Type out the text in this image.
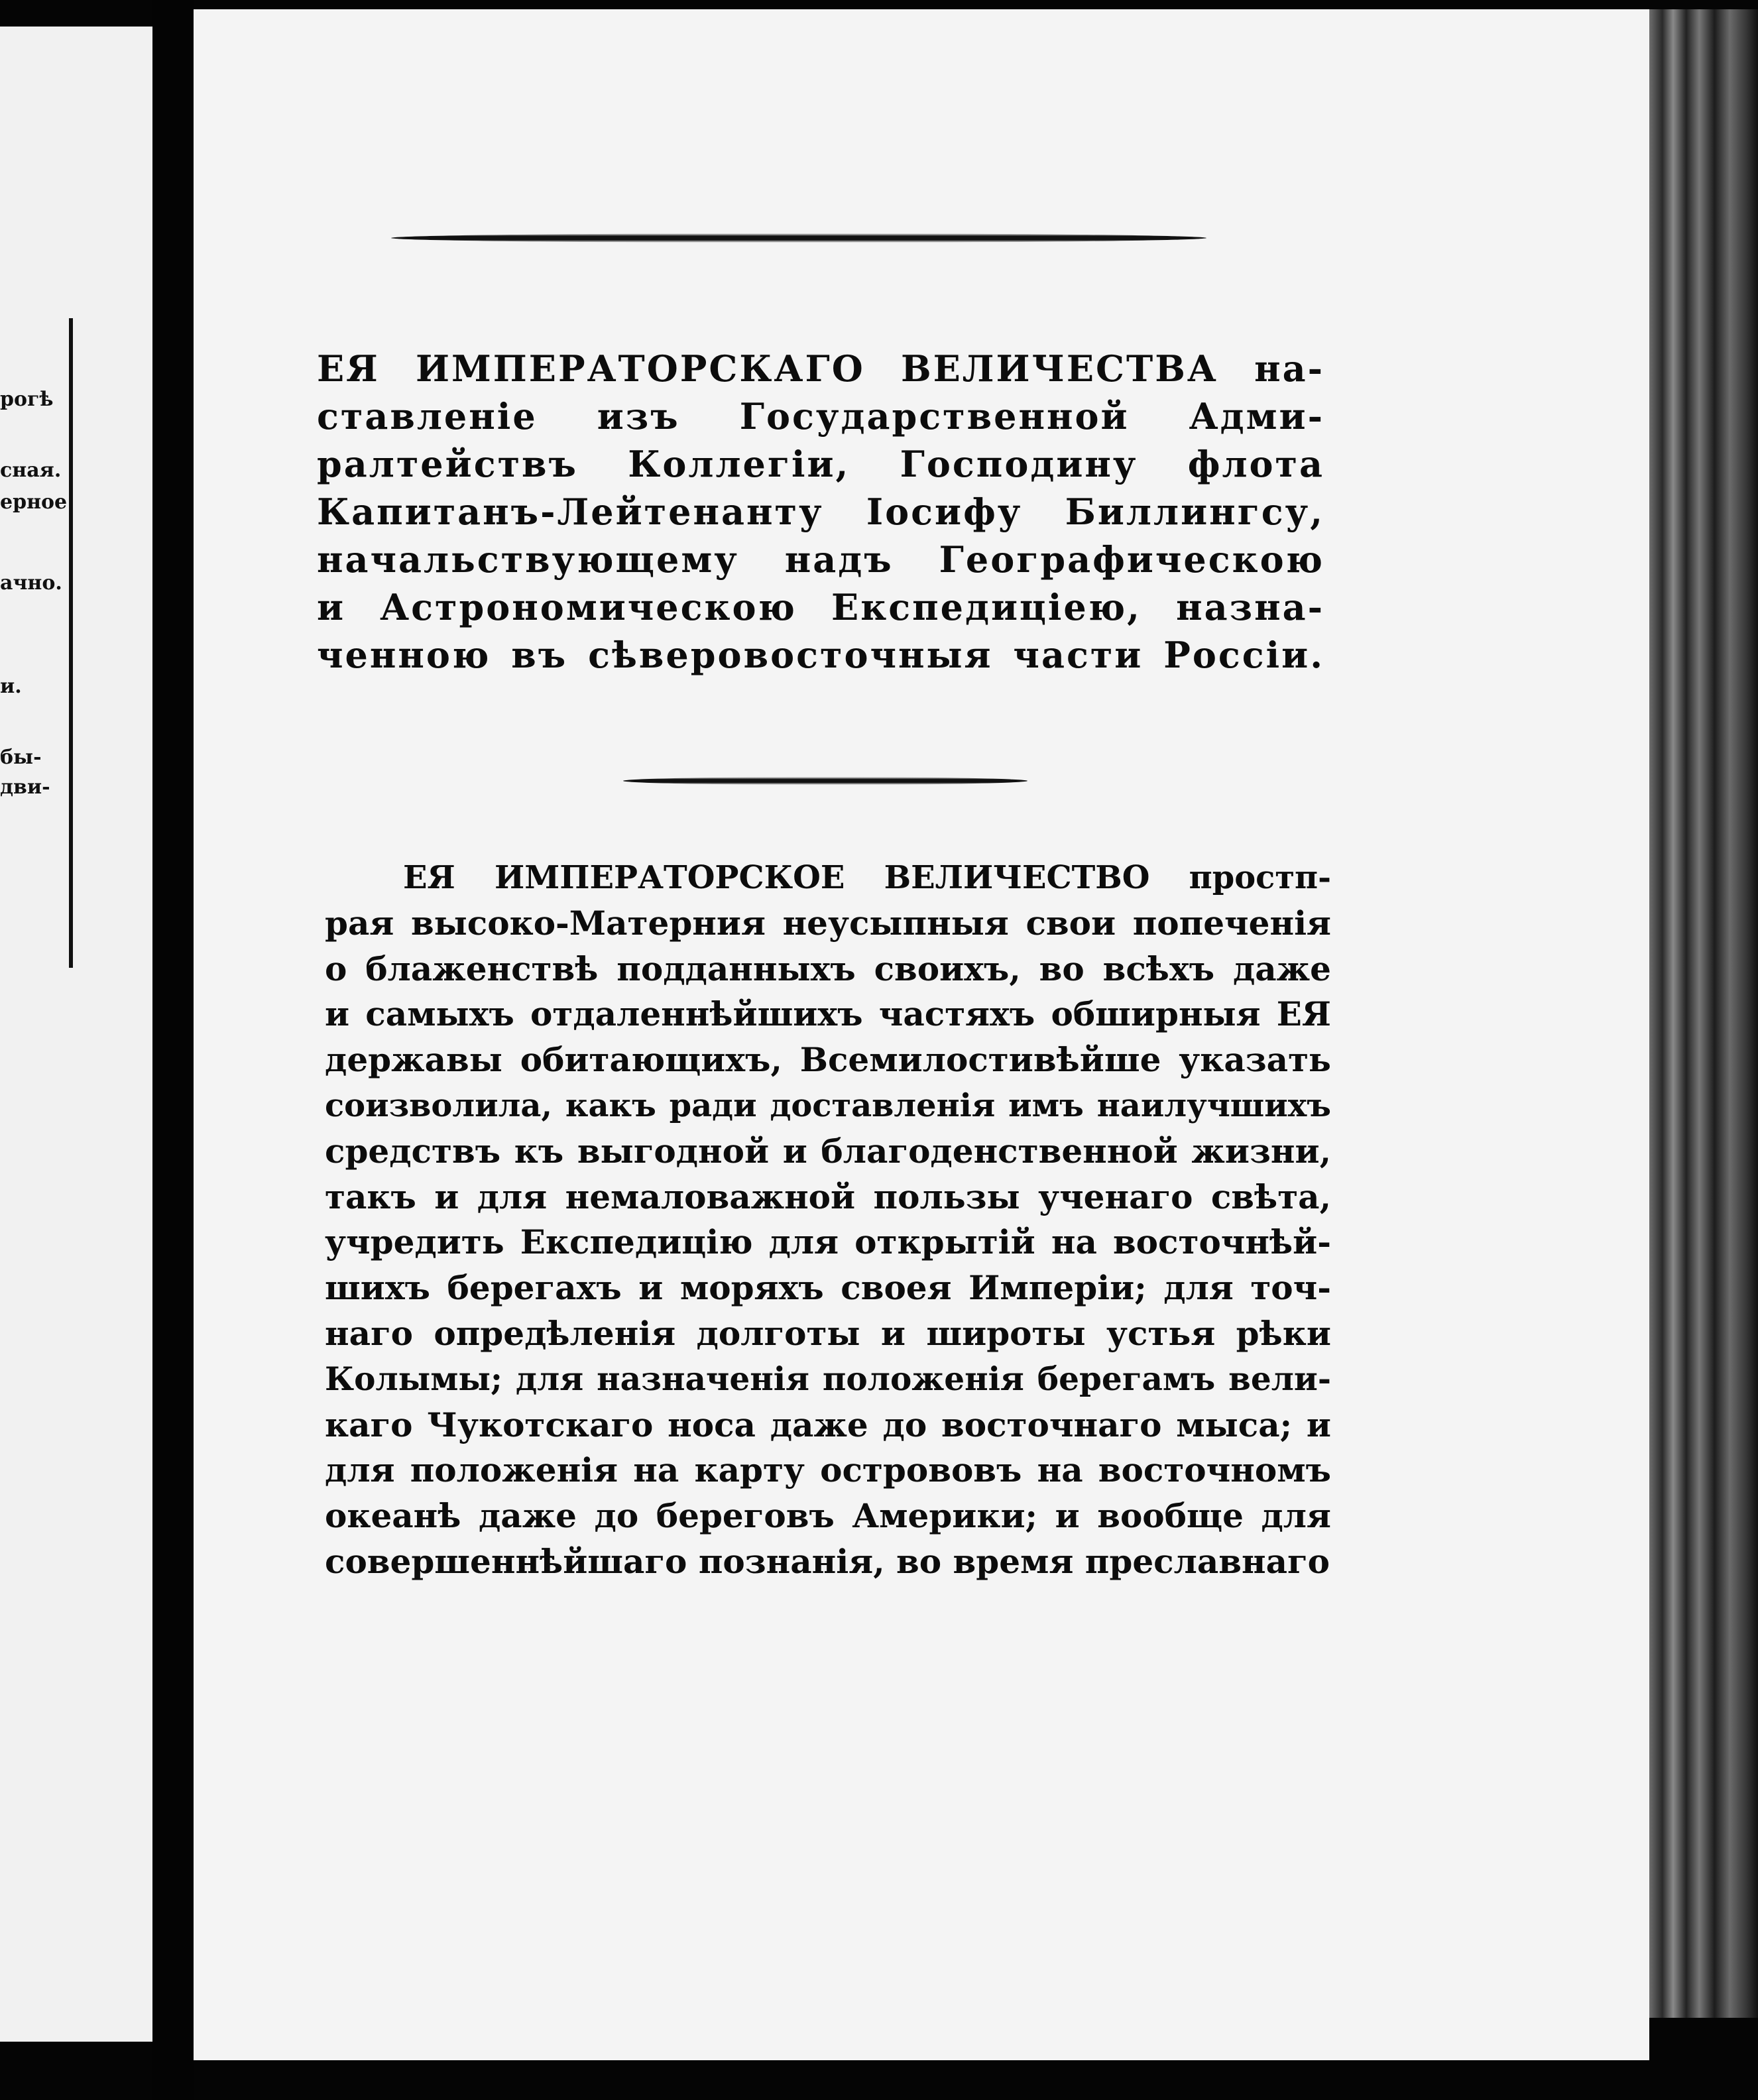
рогѣ
сная.
ерное
ачно.
и.
бы-
дви-
ЕЯ ИМПЕРАТОРСКАГО ВЕЛИЧЕСТВА на-
ставленіе изъ Государственной Адми-
ралтействъ Коллегіи, Господину флота
Капитанъ-Лейтенанту Іосифу Биллингсу,
начальствующему надъ Географическою
и Астрономическою Експедиціею, назна-
ченною въ сѣверовосточныя части Россіи.
ЕЯ ИМПЕРАТОРСКОЕ ВЕЛИЧЕСТВО простп-
рая высоко-Матерния неусыпныя свои попеченія
о блаженствѣ подданныхъ своихъ, во всѣхъ даже
и самыхъ отдаленнѣйшихъ частяхъ обширныя ЕЯ
державы обитающихъ, Всемилостивѣйше указать
соизволила, какъ ради доставленія имъ наилучшихъ
средствъ къ выгодной и благоденственной жизни,
такъ и для немаловажной пользы ученаго свѣта,
учредить Експедицію для открытій на восточнѣй-
шихъ берегахъ и моряхъ своея Имперіи; для точ-
наго опредѣленія долготы и широты устья рѣки
Колымы; для назначенія положенія берегамъ вели-
каго Чукотскаго носа даже до восточнаго мыса; и
для положенія на карту острововъ на восточномъ
океанѣ даже до береговъ Америки; и вообще для
совершеннѣйшаго познанія, во время преславнаго
